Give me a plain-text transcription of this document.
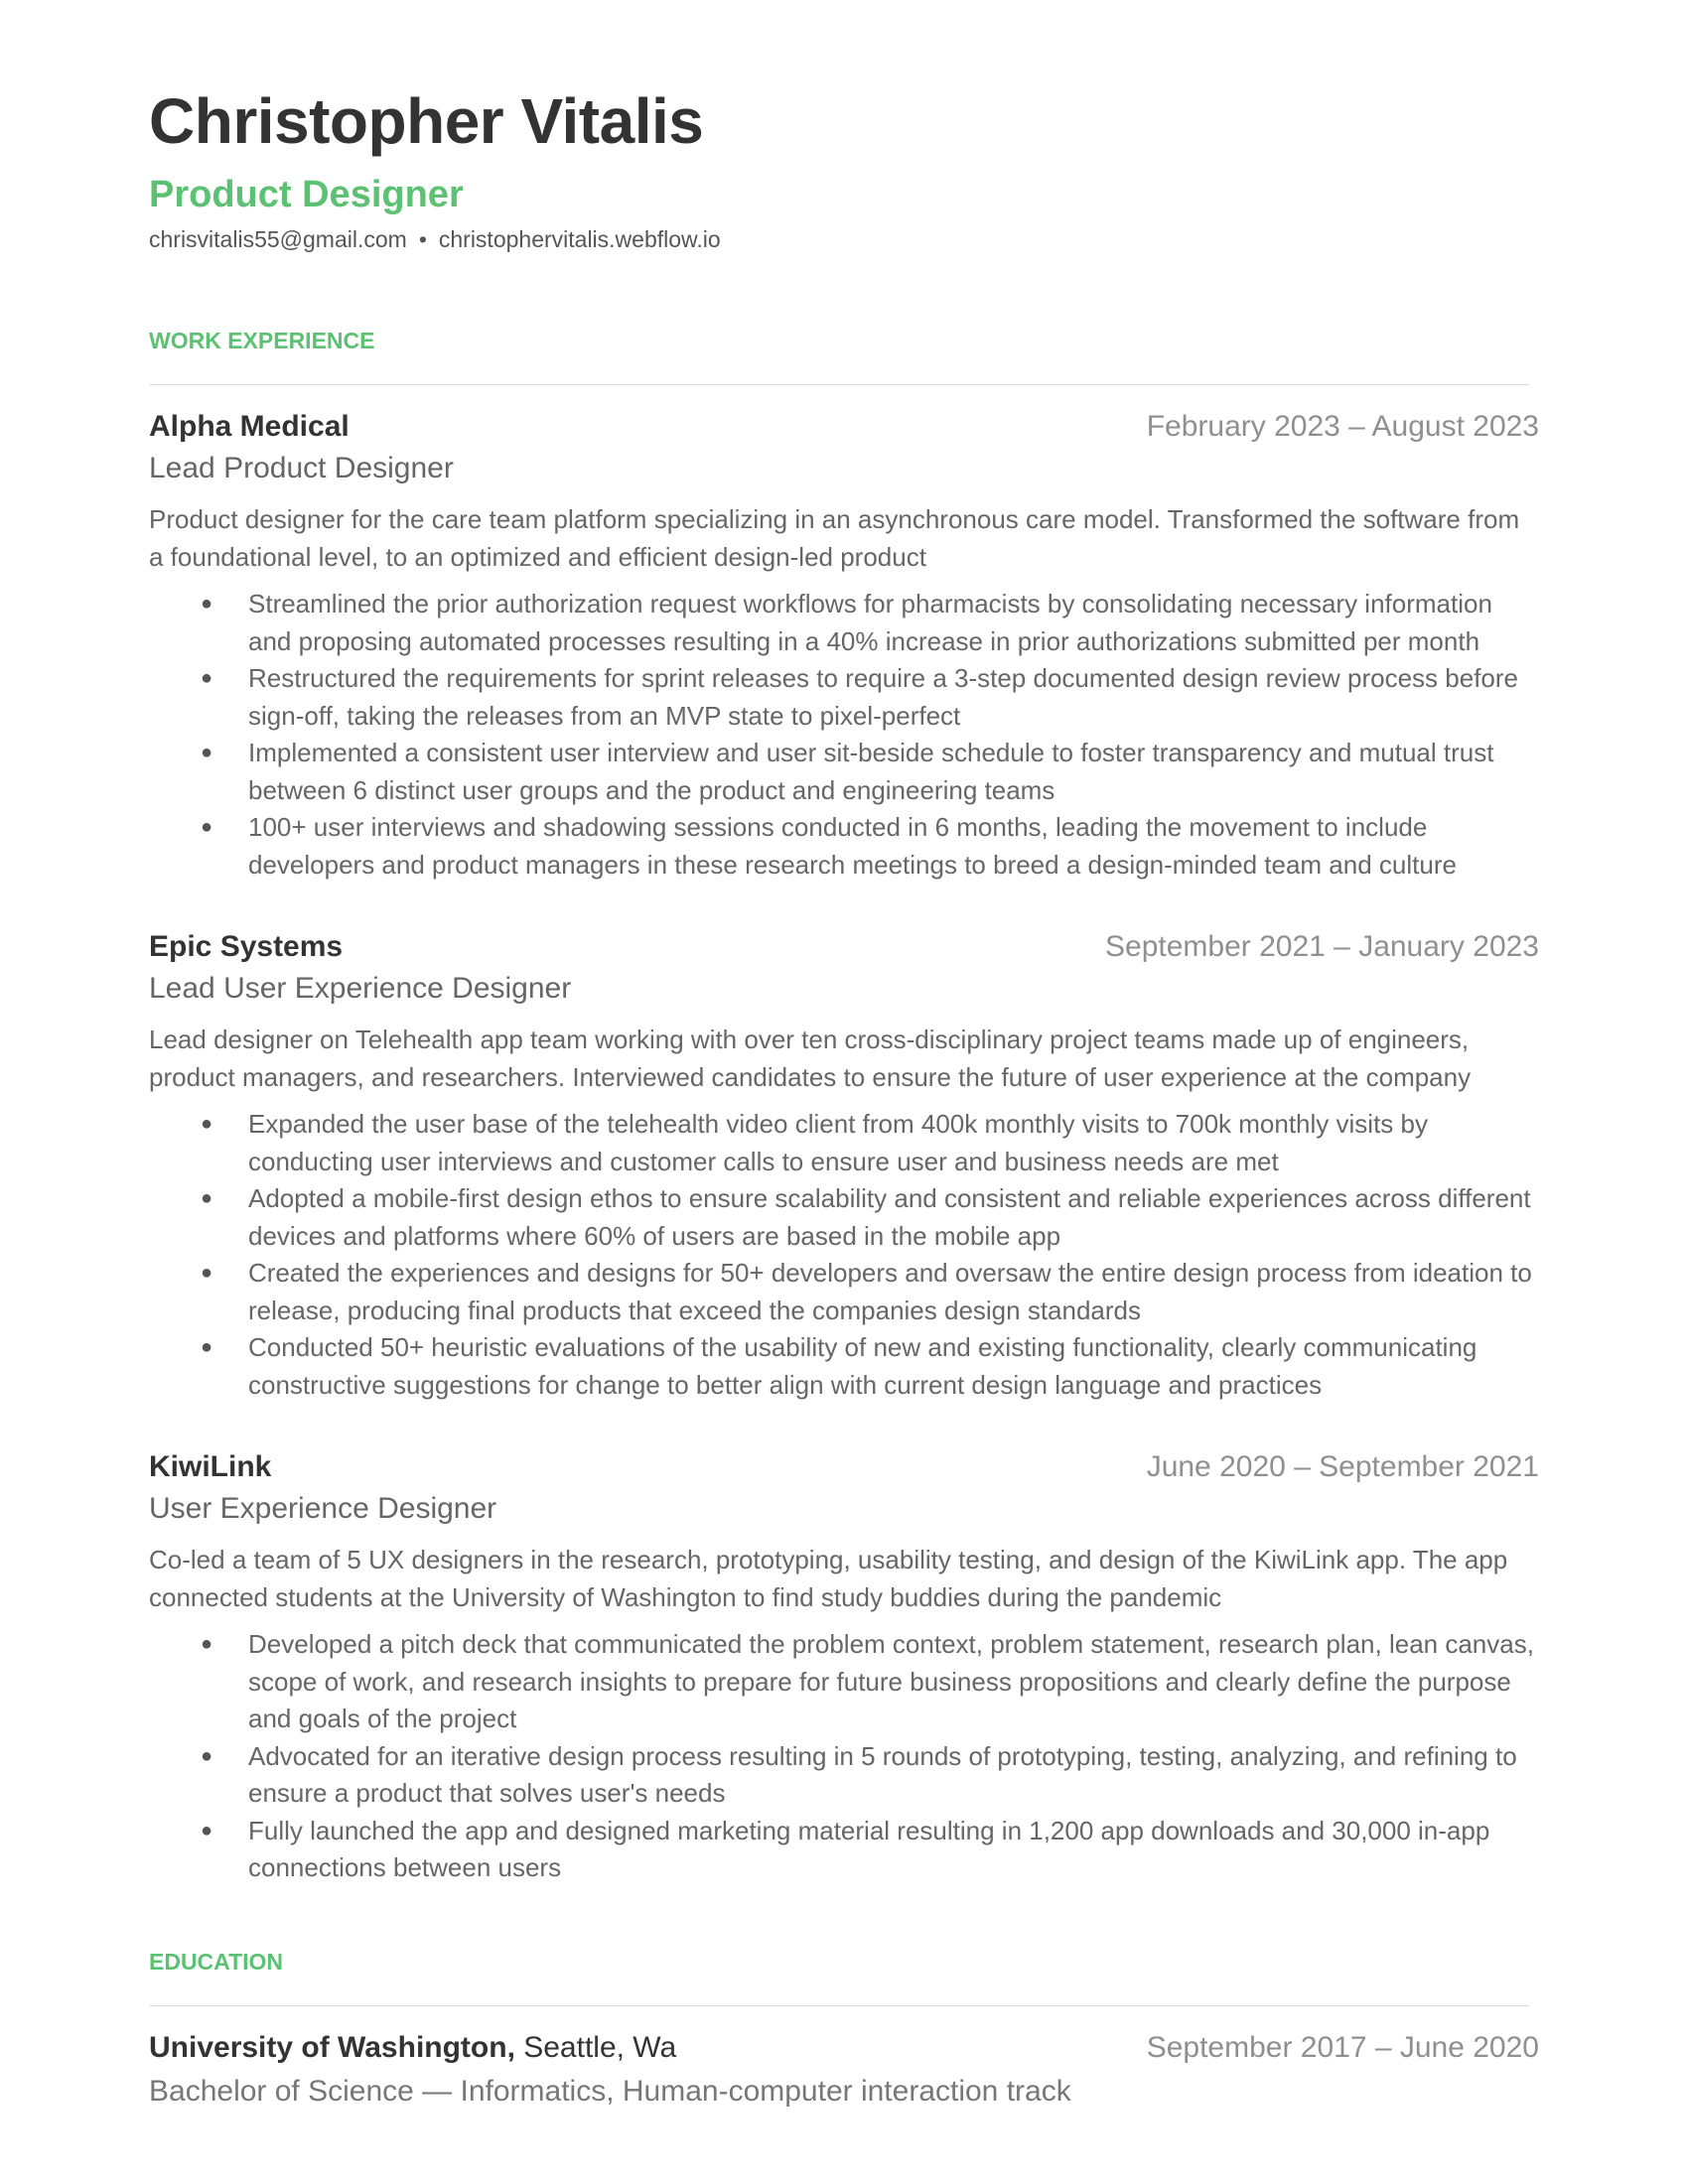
Christopher Vitalis
Product Designer
chrisvitalis55@gmail.com • christophervitalis.webflow.io
WORK EXPERIENCE
Alpha Medical	February 2023 – August 2023
Lead Product Designer
Product designer for the care team platform specializing in an asynchronous care model. Transformed the software from a foundational level, to an optimized and efficient design-led product
● Streamlined the prior authorization request workflows for pharmacists by consolidating necessary information and proposing automated processes resulting in a 40% increase in prior authorizations submitted per month
● Restructured the requirements for sprint releases to require a 3-step documented design review process before sign-off, taking the releases from an MVP state to pixel-perfect
● Implemented a consistent user interview and user sit-beside schedule to foster transparency and mutual trust between 6 distinct user groups and the product and engineering teams
● 100+ user interviews and shadowing sessions conducted in 6 months, leading the movement to include developers and product managers in these research meetings to breed a design-minded team and culture
Epic Systems	September 2021 – January 2023
Lead User Experience Designer
Lead designer on Telehealth app team working with over ten cross-disciplinary project teams made up of engineers, product managers, and researchers. Interviewed candidates to ensure the future of user experience at the company
● Expanded the user base of the telehealth video client from 400k monthly visits to 700k monthly visits by conducting user interviews and customer calls to ensure user and business needs are met
● Adopted a mobile-first design ethos to ensure scalability and consistent and reliable experiences across different devices and platforms where 60% of users are based in the mobile app
● Created the experiences and designs for 50+ developers and oversaw the entire design process from ideation to release, producing final products that exceed the companies design standards
● Conducted 50+ heuristic evaluations of the usability of new and existing functionality, clearly communicating constructive suggestions for change to better align with current design language and practices
KiwiLink	June 2020 – September 2021
User Experience Designer
Co-led a team of 5 UX designers in the research, prototyping, usability testing, and design of the KiwiLink app. The app connected students at the University of Washington to find study buddies during the pandemic
● Developed a pitch deck that communicated the problem context, problem statement, research plan, lean canvas, scope of work, and research insights to prepare for future business propositions and clearly define the purpose and goals of the project
● Advocated for an iterative design process resulting in 5 rounds of prototyping, testing, analyzing, and refining to ensure a product that solves user's needs
● Fully launched the app and designed marketing material resulting in 1,200 app downloads and 30,000 in-app connections between users
EDUCATION
University of Washington, Seattle, Wa	September 2017 – June 2020
Bachelor of Science — Informatics, Human-computer interaction track
